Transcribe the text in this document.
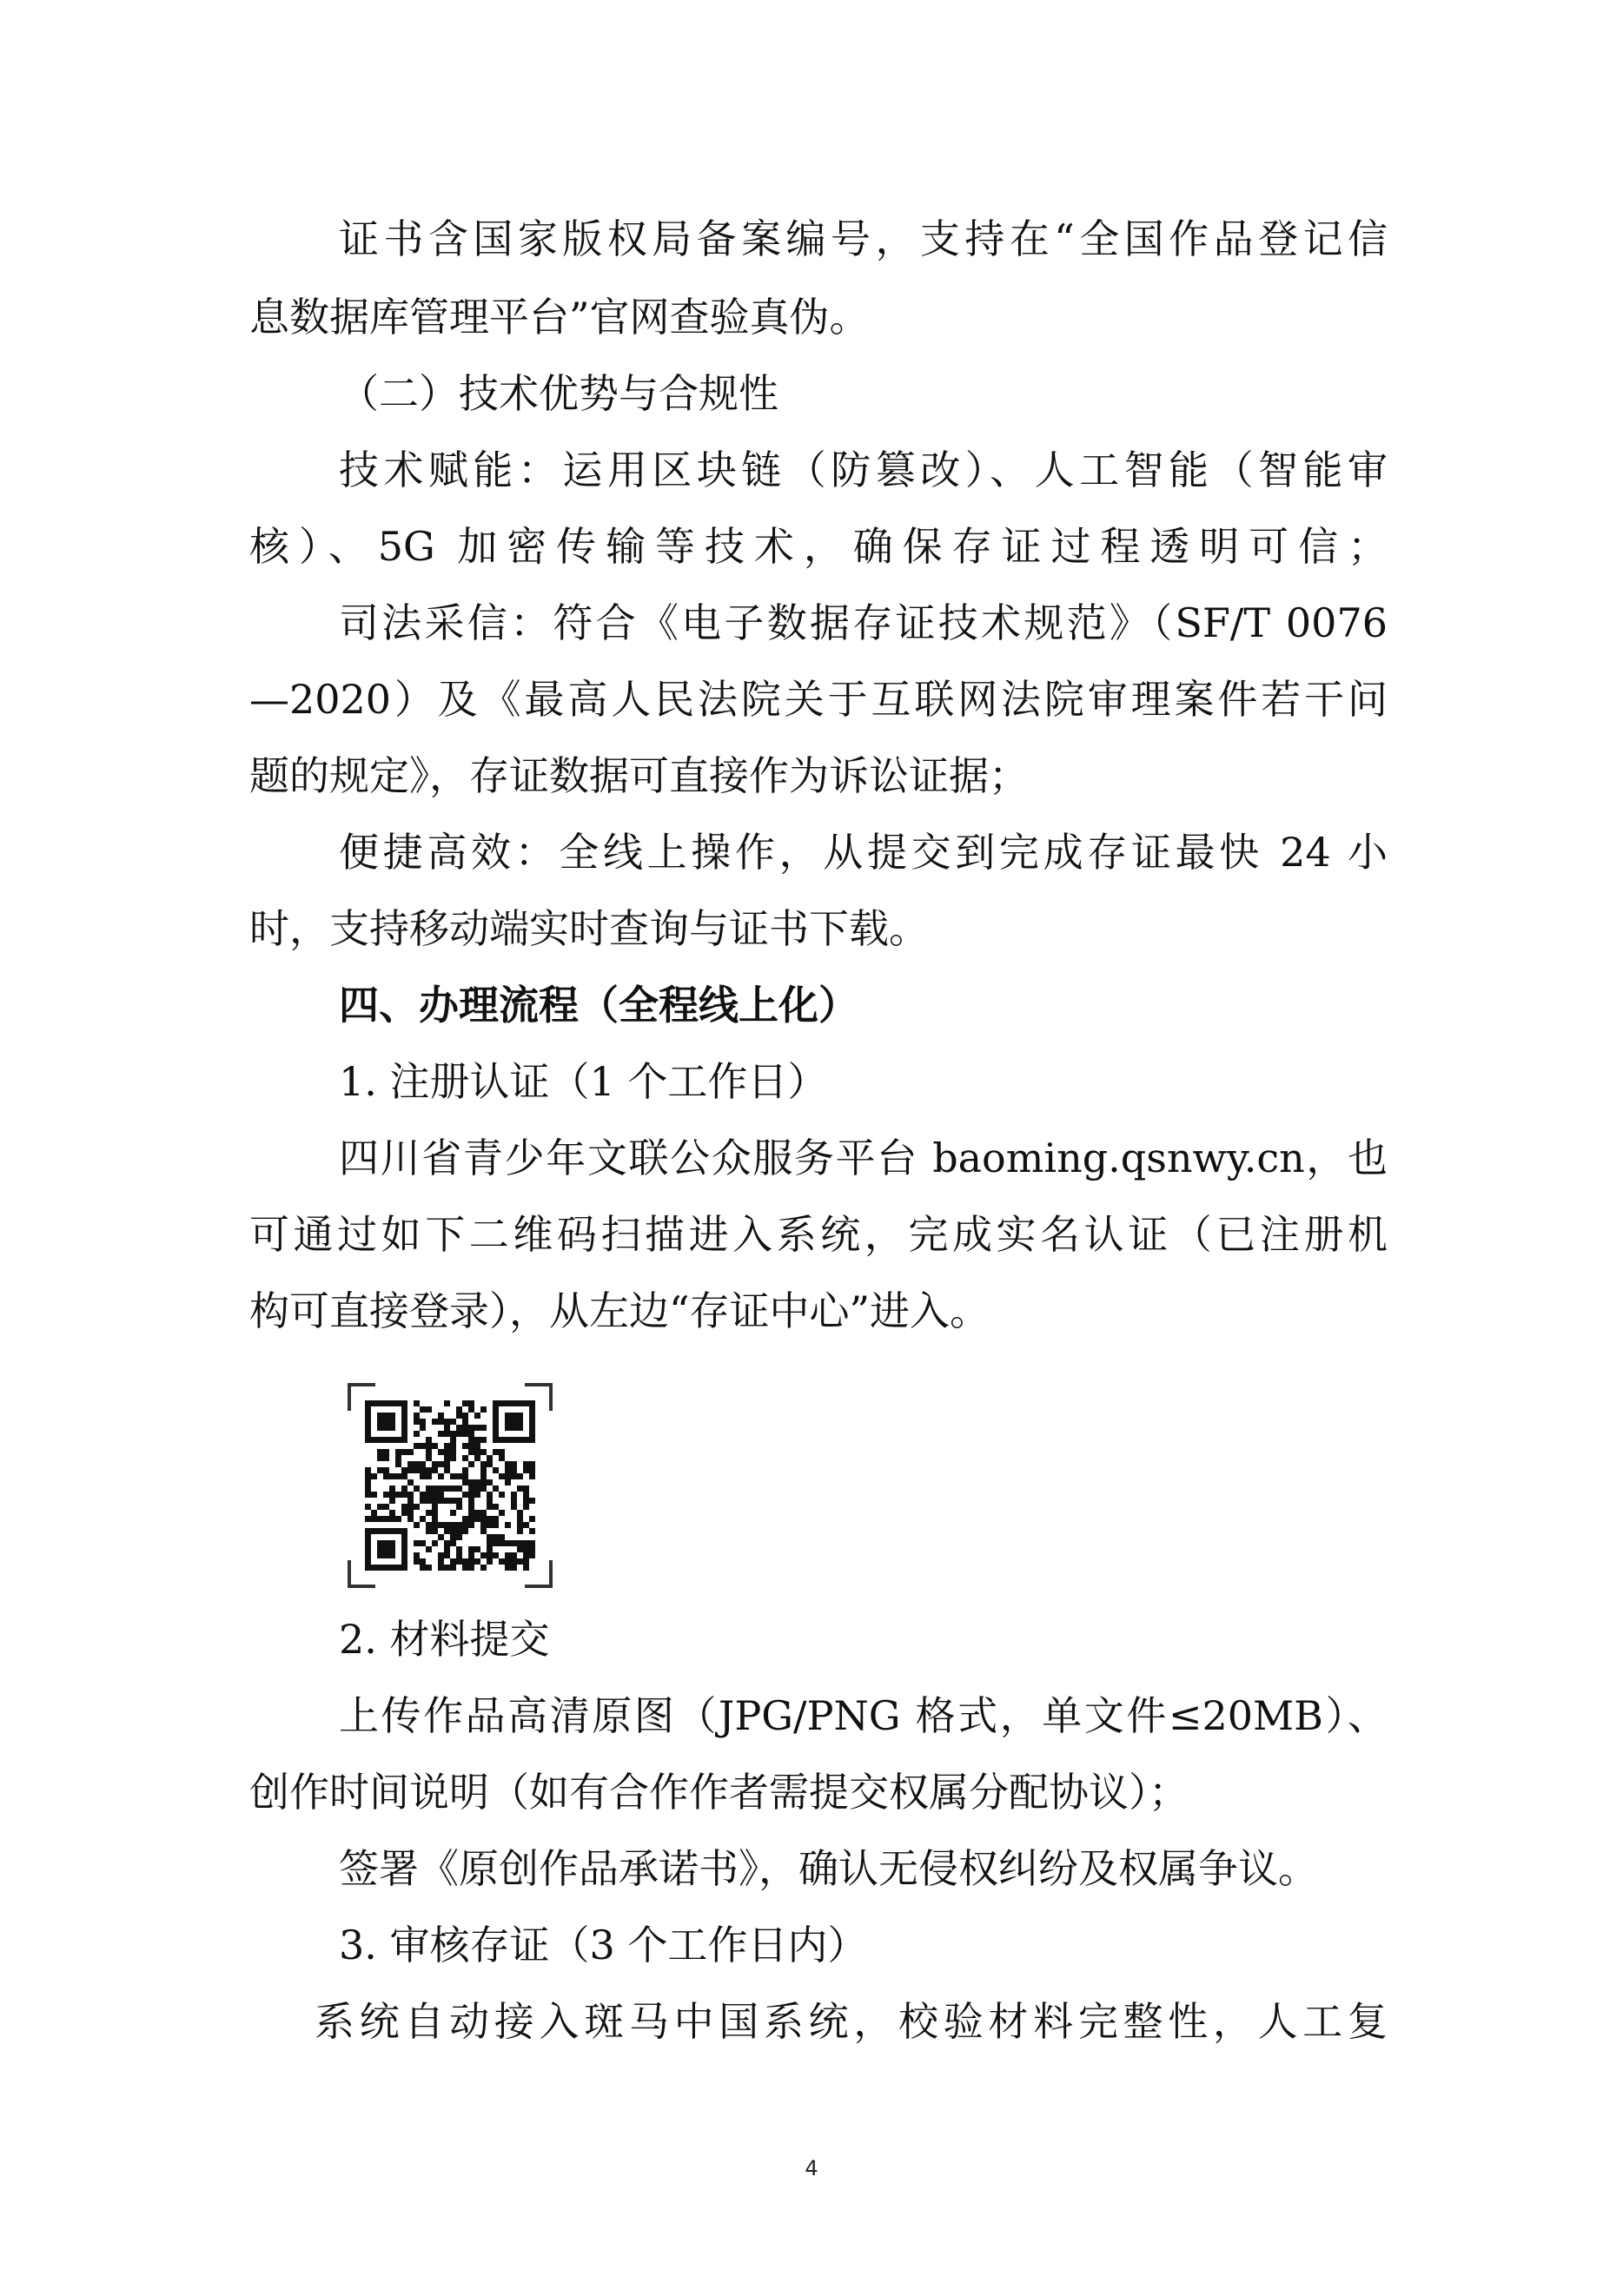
证书含国家版权局备案编号，支持在“全国作品登记信
息数据库管理平台”官网查验真伪。
（二）技术优势与合规性
技术赋能：运用区块链（防篡改）、人工智能（智能审
核）、5G 加密传输等技术，确保存证过程透明可信；
司法采信：符合《电子数据存证技术规范》（SF/T 0076
—2020）及《最高人民法院关于互联网法院审理案件若干问
题的规定》，存证数据可直接作为诉讼证据；
便捷高效：全线上操作，从提交到完成存证最快 24 小
时，支持移动端实时查询与证书下载。
四、办理流程（全程线上化）
1. 注册认证（1 个工作日）
四川省青少年文联公众服务平台 baoming.qsnwy.cn，也
可通过如下二维码扫描进入系统，完成实名认证（已注册机
构可直接登录），从左边“存证中心”进入。
2. 材料提交
上传作品高清原图（JPG/PNG 格式，单文件≤20MB）、
创作时间说明（如有合作作者需提交权属分配协议）；
签署《原创作品承诺书》，确认无侵权纠纷及权属争议。
3. 审核存证（3 个工作日内）
系统自动接入斑马中国系统，校验材料完整性，人工复
4
